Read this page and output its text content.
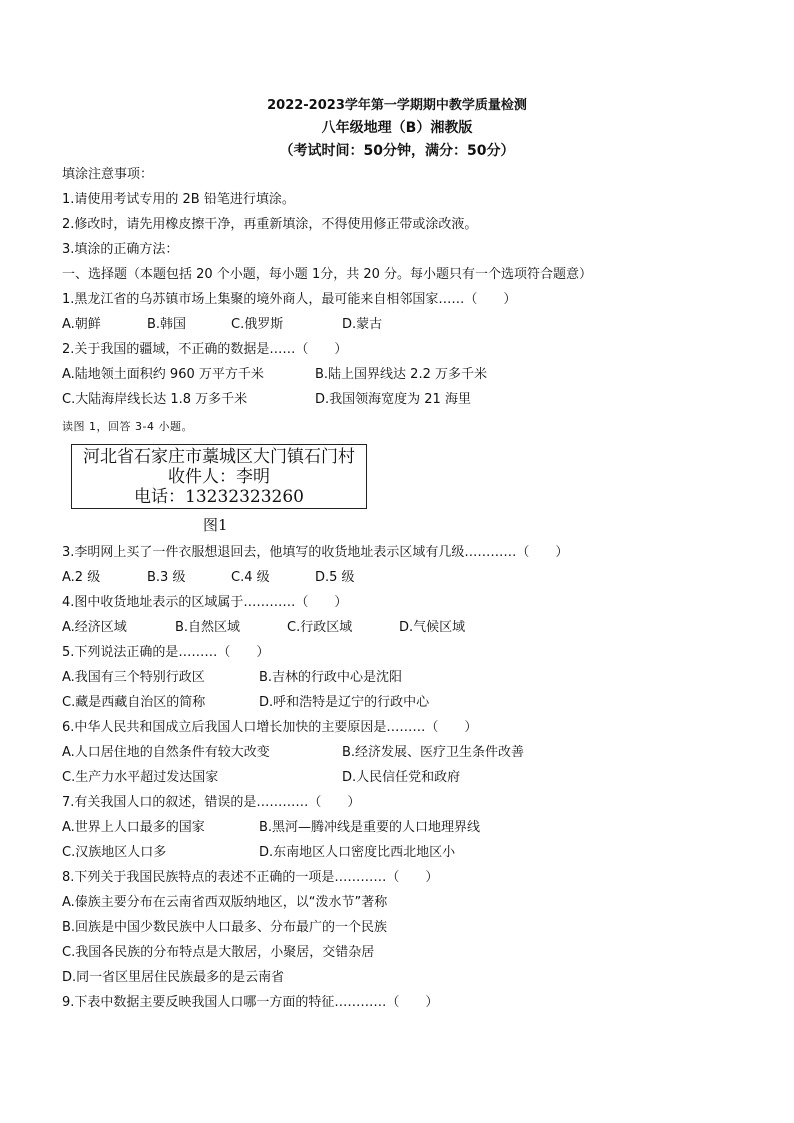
2022-2023学年第一学期期中教学质量检测
八年级地理（B）湘教版
（考试时间：50分钟，满分：50分）
填涂注意事项：
1.请使用考试专用的 2B 铅笔进行填涂。
2.修改时，请先用橡皮擦干净，再重新填涂，不得使用修正带或涂改液。
3.填涂的正确方法：
一、选择题（本题包括 20 个小题，每小题 1分，共 20 分。每小题只有一个选项符合题意）
1.黑龙江省的乌苏镇市场上集聚的境外商人，最可能来自相邻国家……（　　）
A.朝鲜	B.韩国	C.俄罗斯	D.蒙古
2.关于我国的疆域，不正确的数据是……（　　）
A.陆地领土面积约 960 万平方千米	B.陆上国界线达 2.2 万多千米
C.大陆海岸线长达 1.8 万多千米	D.我国领海宽度为 21 海里
读图 1，回答 3-4 小题。
河北省石家庄市藁城区大门镇石门村
收件人：李明
电话：13232323260
图1
3.李明网上买了一件衣服想退回去，他填写的收货地址表示区域有几级…………（　　）
A.2 级	B.3 级	C.4 级	D.5 级
4.图中收货地址表示的区域属于…………（　　）
A.经济区域	B.自然区域	C.行政区域	D.气候区域
5.下列说法正确的是………（　　）
A.我国有三个特别行政区	B.吉林的行政中心是沈阳
C.藏是西藏自治区的简称	D.呼和浩特是辽宁的行政中心
6.中华人民共和国成立后我国人口增长加快的主要原因是………（　　）
A.人口居住地的自然条件有较大改变	B.经济发展、医疗卫生条件改善
C.生产力水平超过发达国家	D.人民信任党和政府
7.有关我国人口的叙述，错误的是…………（　　）
A.世界上人口最多的国家	B.黑河—腾冲线是重要的人口地理界线
C.汉族地区人口多	D.东南地区人口密度比西北地区小
8.下列关于我国民族特点的表述不正确的一项是…………（　　）
A.傣族主要分布在云南省西双版纳地区，以“泼水节”著称
B.回族是中国少数民族中人口最多、分布最广的一个民族
C.我国各民族的分布特点是大散居，小聚居，交错杂居
D.同一省区里居住民族最多的是云南省
9.下表中数据主要反映我国人口哪一方面的特征…………（　　）
